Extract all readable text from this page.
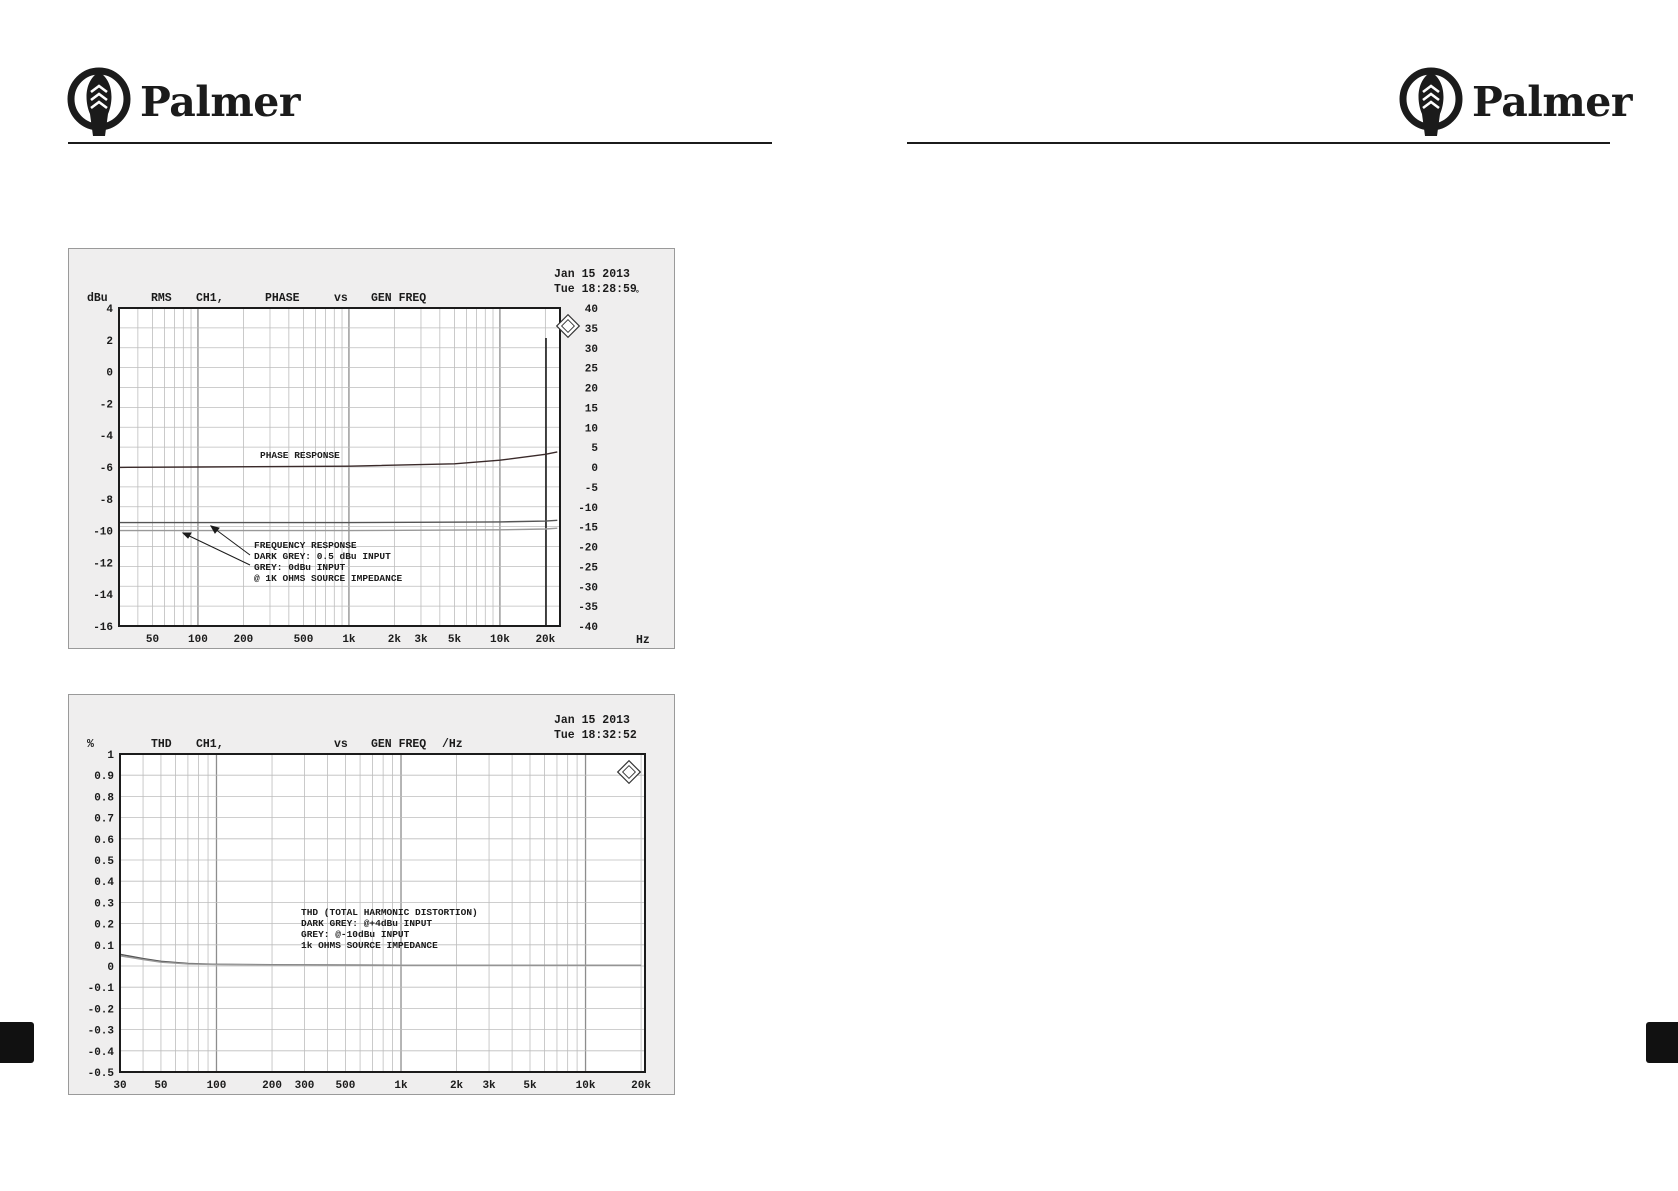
Palmer	Palmer
Jan 15 2013
Tue 18:28:59
dBu	RMS CH1,	PHASE	vs GEN FREQ	°
Hz
PHASE RESPONSE
FREQUENCY RESPONSE
DARK GREY: 0.5 dBu INPUT
GREY: 0dBu INPUT
@ 1K OHMS SOURCE IMPEDANCE
50	100 200	500	1k	2k 3k 5k	10k 20k
4
2
0
-2
-4
-6
-8
-10
-12
-14
-16
40
35
30
25
20
15
10
5
0
-5
-10
-15
-20
-25
-30
-35
-40
Jan 15 2013
Tue 18:32:52
%	THD CH1,	vs GEN FREQ /Hz
THD (TOTAL HARMONIC DISTORTION)
DARK GREY: @+4dBu INPUT
GREY: @-10dBu INPUT
1k OHMS SOURCE IMPEDANCE
30	50	100	200 300 500	1k	2k 3k	5k	10k	20k
1
0.9
0.8
0.7
0.6
0.5
0.4
0.3
0.2
0.1
0
-0.1
-0.2
-0.3
-0.4
-0.5
